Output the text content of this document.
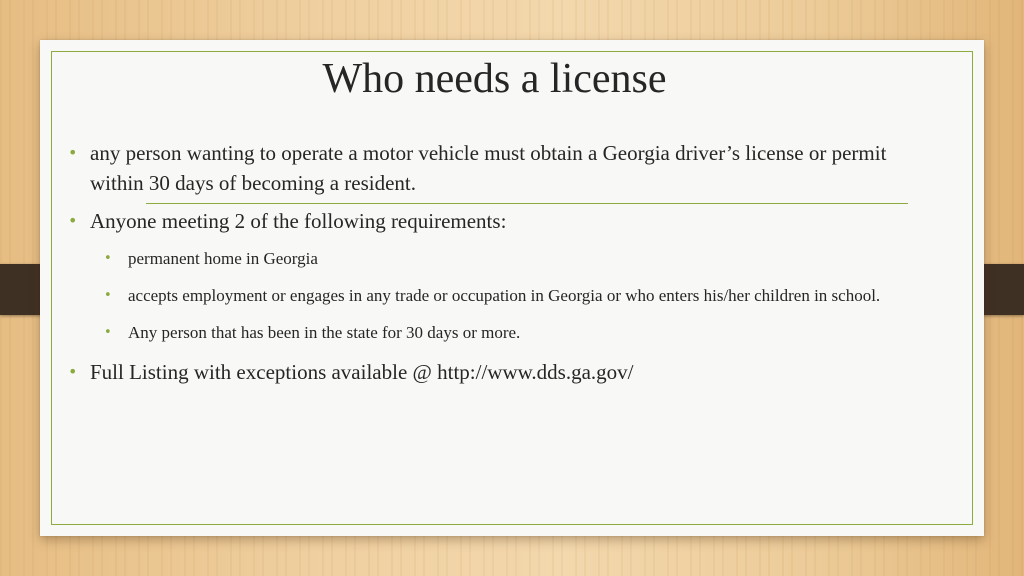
Who needs a license
• any person wanting to operate a motor vehicle must obtain a Georgia driver’s license or permit within 30 days of becoming a resident.
• Anyone meeting 2 of the following requirements:
• permanent home in Georgia
• accepts employment or engages in any trade or occupation in Georgia or who enters his/her children in school.
• Any person that has been in the state for 30 days or more.
• Full Listing with exceptions available @ http://www.dds.ga.gov/
